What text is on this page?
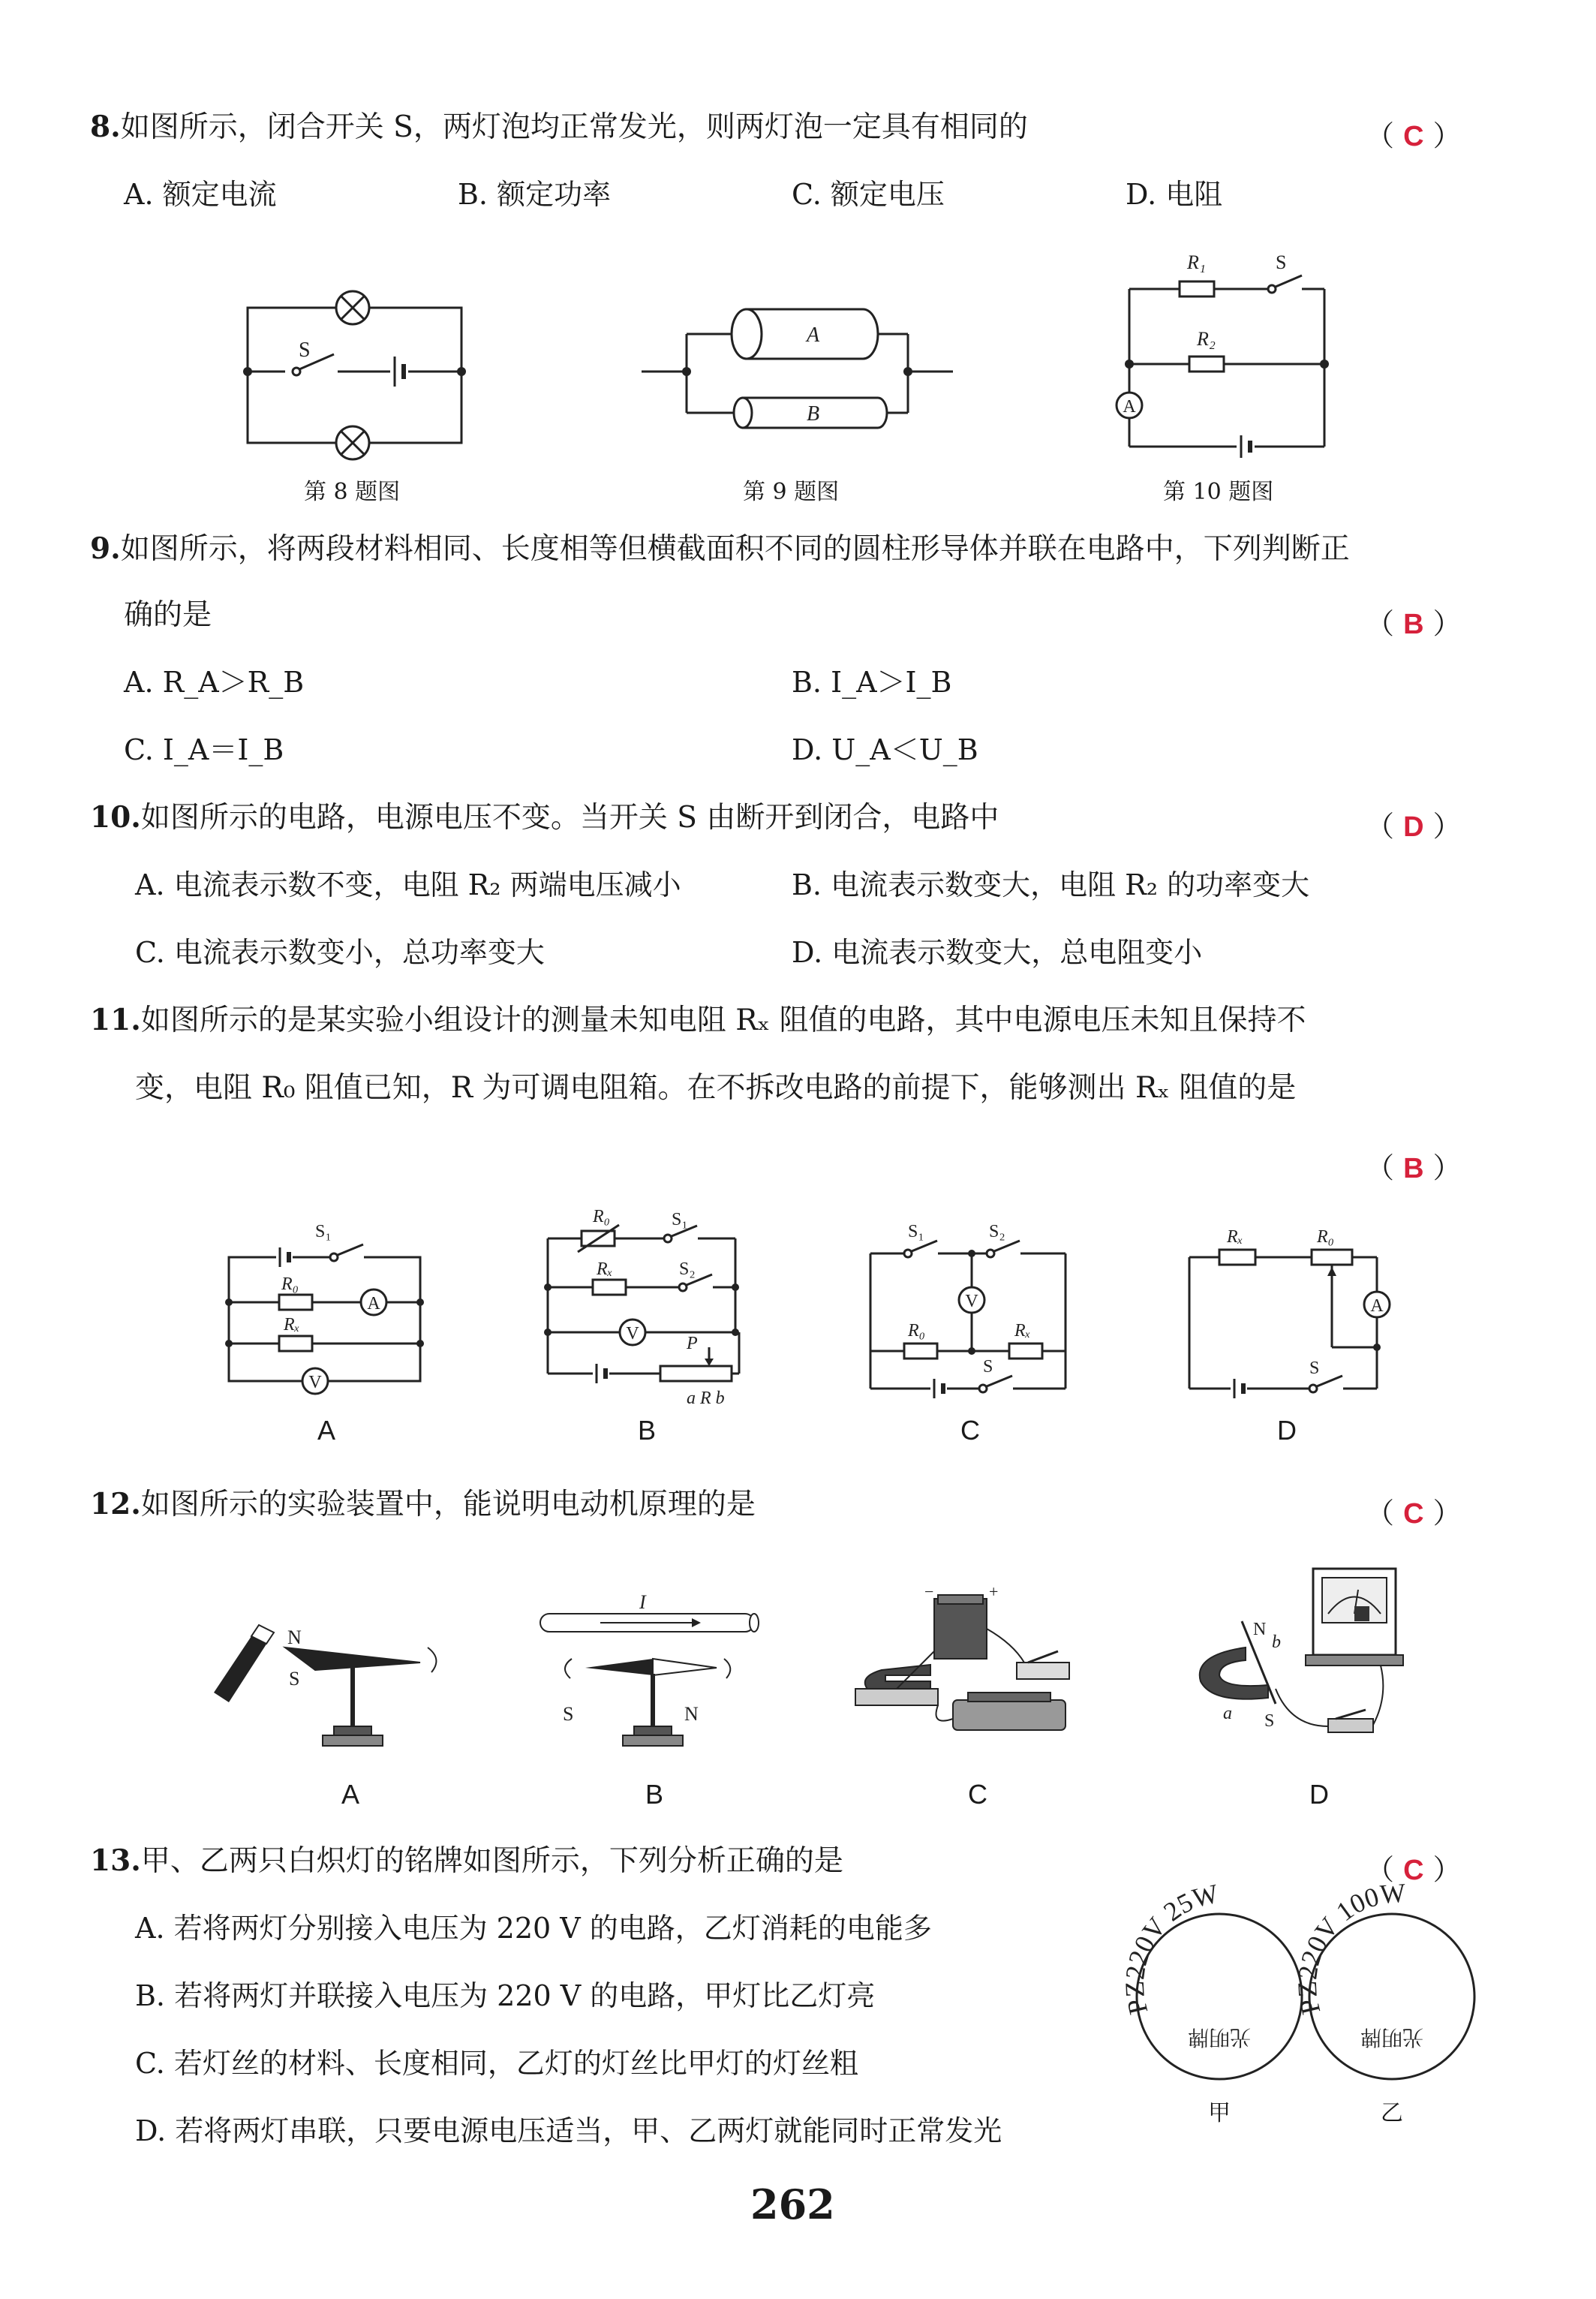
8.如图所示，闭合开关 S，两灯泡均正常发光，则两灯泡一定具有相同的	（ C ）
A. 额定电流	B. 额定功率	C. 额定电压	D. 电阻
S
第 8 题图
A
B
第 9 题图
A
R₁
R₂
S
第 10 题图
9.如图所示，将两段材料相同、长度相等但横截面积不同的圆柱形导体并联在电路中，下列判断正
确的是	（ B ）
A. R_A＞R_B	B. I_A＞I_B
C. I_A＝I_B	D. U_A＜U_B
10.如图所示的电路，电源电压不变。当开关 S 由断开到闭合，电路中	（ D ）
A. 电流表示数不变，电阻 R₂ 两端电压减小	B. 电流表示数变大，电阻 R₂ 的功率变大
C. 电流表示数变小，总功率变大	D. 电流表示数变大，总电阻变小
11.如图所示的是某实验小组设计的测量未知电阻 Rₓ 阻值的电路，其中电源电压未知且保持不
变，电阻 R₀ 阻值已知，R 为可调电阻箱。在不拆改电路的前提下，能够测出 Rₓ 阻值的是
（ B ）
A
V
S₁
R₀
Rₓ	V
R₀	S₁
Rₓ	S₂
P
a R b
V
S₁	S₂
R₀	Rₓ
S
A
Rₓ	R₀
S
A	B	C	D
12.如图所示的实验装置中，能说明电动机原理的是	（ C ）
N
S
I
S	N
−	+
N
b
a S
A	B	C	D
13.甲、乙两只白炽灯的铭牌如图所示，下列分析正确的是	（ C ）
A. 若将两灯分别接入电压为 220 V 的电路，乙灯消耗的电能多
B. 若将两灯并联接入电压为 220 V 的电路，甲灯比乙灯亮
C. 若灯丝的材料、长度相同，乙灯的灯丝比甲灯的灯丝粗
D. 若将两灯串联，只要电源电压适当，甲、乙两灯就能同时正常发光
PZ220V 25W
光明牌
PZ220V 100W
光明牌
甲	乙
262
